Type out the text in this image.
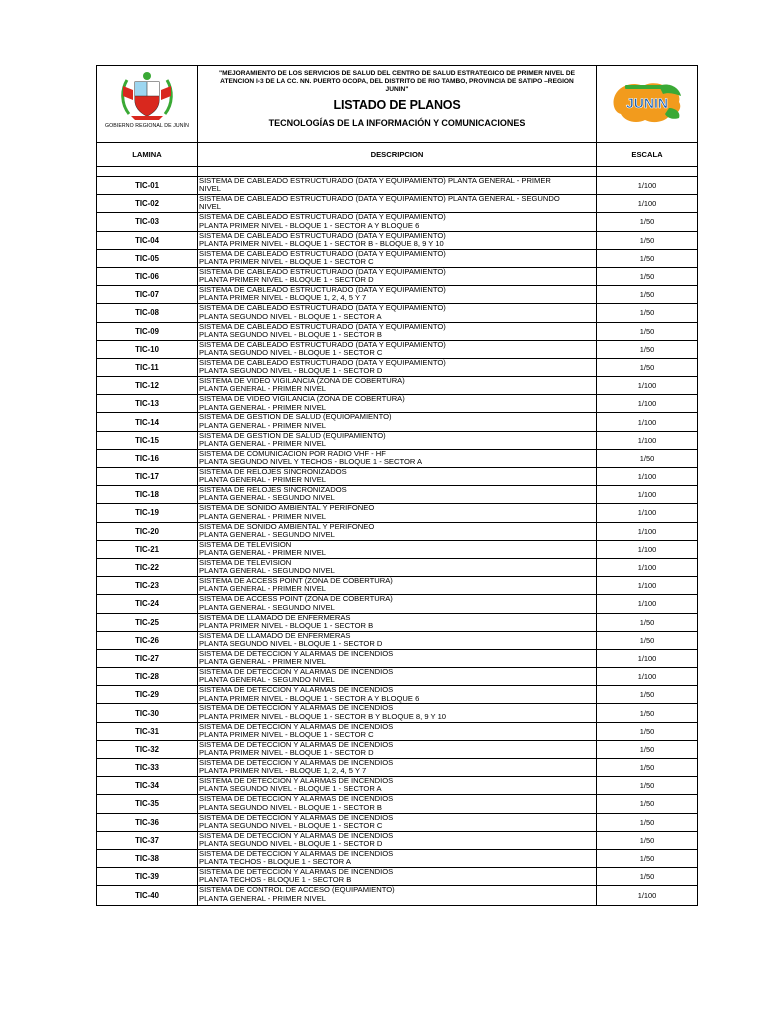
GOBIERNO REGIONAL DE JUNÍN
"MEJORAMIENTO DE LOS SERVICIOS DE SALUD DEL CENTRO DE SALUD ESTRATEGICO DE PRIMER NIVEL DE
ATENCION I-3 DE LA CC. NN. PUERTO OCOPA, DEL DISTRITO DE RIO TAMBO, PROVINCIA DE SATIPO –REGION
JUNIN"
LISTADO DE PLANOS
TECNOLOGÍAS DE LA INFORMACIÓN Y COMUNICACIONES
JUNIN
LAMINA	DESCRIPCION	ESCALA
TIC-01
SISTEMA DE CABLEADO ESTRUCTURADO (DATA Y EQUIPAMIENTO) PLANTA GENERAL - PRIMER
NIVEL	1/100
TIC-02
SISTEMA DE CABLEADO ESTRUCTURADO (DATA Y EQUIPAMIENTO) PLANTA GENERAL - SEGUNDO
NIVEL	1/100
TIC-03
SISTEMA DE CABLEADO ESTRUCTURADO (DATA Y EQUIPAMIENTO)
PLANTA PRIMER NIVEL - BLOQUE 1 - SECTOR A Y BLOQUE 6	1/50
TIC-04
SISTEMA DE CABLEADO ESTRUCTURADO (DATA Y EQUIPAMIENTO)
PLANTA PRIMER NIVEL - BLOQUE 1 - SECTOR B - BLOQUE 8, 9 Y 10	1/50
TIC-05
SISTEMA DE CABLEADO ESTRUCTURADO (DATA Y EQUIPAMIENTO)
PLANTA PRIMER NIVEL - BLOQUE 1 - SECTOR C	1/50
TIC-06
SISTEMA DE CABLEADO ESTRUCTURADO (DATA Y EQUIPAMIENTO)
PLANTA PRIMER NIVEL - BLOQUE 1 - SECTOR D	1/50
TIC-07
SISTEMA DE CABLEADO ESTRUCTURADO (DATA Y EQUIPAMIENTO)
PLANTA PRIMER NIVEL - BLOQUE 1, 2, 4, 5 Y 7	1/50
TIC-08
SISTEMA DE CABLEADO ESTRUCTURADO (DATA Y EQUIPAMIENTO)
PLANTA SEGUNDO NIVEL - BLOQUE 1 - SECTOR A	1/50
TIC-09
SISTEMA DE CABLEADO ESTRUCTURADO (DATA Y EQUIPAMIENTO)
PLANTA SEGUNDO NIVEL - BLOQUE 1 - SECTOR B	1/50
TIC-10
SISTEMA DE CABLEADO ESTRUCTURADO (DATA Y EQUIPAMIENTO)
PLANTA SEGUNDO NIVEL - BLOQUE 1 - SECTOR C	1/50
TIC-11
SISTEMA DE CABLEADO ESTRUCTURADO (DATA Y EQUIPAMIENTO)
PLANTA SEGUNDO NIVEL - BLOQUE 1 - SECTOR D	1/50
TIC-12
SISTEMA DE VIDEO VIGILANCIA (ZONA DE COBERTURA)
PLANTA GENERAL - PRIMER NIVEL	1/100
TIC-13
SISTEMA DE VIDEO VIGILANCIA (ZONA DE COBERTURA)
PLANTA GENERAL - PRIMER NIVEL	1/100
TIC-14
SISTEMA DE GESTION DE SALUD (EQUIOPAMIENTO)
PLANTA GENERAL - PRIMER NIVEL	1/100
TIC-15
SISTEMA DE GESTION DE SALUD (EQUIPAMIENTO)
PLANTA GENERAL - PRIMER NIVEL	1/100
TIC-16
SISTEMA DE COMUNICACION POR RADIO VHF - HF
PLANTA SEGUNDO NIVEL Y TECHOS - BLOQUE 1 - SECTOR A	1/50
TIC-17
SISTEMA DE RELOJES SINCRONIZADOS
PLANTA GENERAL - PRIMER NIVEL	1/100
TIC-18
SISTEMA DE RELOJES SINCRONIZADOS
PLANTA GENERAL - SEGUNDO NIVEL	1/100
TIC-19
SISTEMA DE SONIDO AMBIENTAL Y PERIFONEO
PLANTA GENERAL - PRIMER NIVEL	1/100
TIC-20
SISTEMA DE SONIDO AMBIENTAL Y PERIFONEO
PLANTA GENERAL - SEGUNDO NIVEL	1/100
TIC-21
SISTEMA DE TELEVISION
PLANTA GENERAL - PRIMER NIVEL	1/100
TIC-22
SISTEMA DE TELEVISION
PLANTA GENERAL - SEGUNDO NIVEL	1/100
TIC-23
SISTEMA DE ACCESS POINT (ZONA DE COBERTURA)
PLANTA GENERAL - PRIMER NIVEL	1/100
TIC-24
SISTEMA DE ACCESS POINT (ZONA DE COBERTURA)
PLANTA GENERAL - SEGUNDO NIVEL	1/100
TIC-25
SISTEMA DE LLAMADO DE ENFERMERAS
PLANTA PRIMER NIVEL - BLOQUE 1 - SECTOR B	1/50
TIC-26
SISTEMA DE LLAMADO DE ENFERMERAS
PLANTA SEGUNDO NIVEL - BLOQUE 1 - SECTOR D	1/50
TIC-27
SISTEMA DE DETECCION Y ALARMAS DE INCENDIOS
PLANTA GENERAL - PRIMER NIVEL	1/100
TIC-28
SISTEMA DE DETECCION Y ALARMAS DE INCENDIOS
PLANTA GENERAL - SEGUNDO NIVEL	1/100
TIC-29
SISTEMA DE DETECCION Y ALARMAS DE INCENDIOS
PLANTA PRIMER NIVEL - BLOQUE 1 - SECTOR A Y BLOQUE 6	1/50
TIC-30
SISTEMA DE DETECCION Y ALARMAS DE INCENDIOS
PLANTA PRIMER NIVEL - BLOQUE 1 - SECTOR B Y BLOQUE 8, 9 Y 10	1/50
TIC-31
SISTEMA DE DETECCION Y ALARMAS DE INCENDIOS
PLANTA PRIMER NIVEL - BLOQUE 1 - SECTOR C	1/50
TIC-32
SISTEMA DE DETECCION Y ALARMAS DE INCENDIOS
PLANTA PRIMER NIVEL - BLOQUE 1 - SECTOR D	1/50
TIC-33
SISTEMA DE DETECCION Y ALARMAS DE INCENDIOS
PLANTA PRIMER NIVEL - BLOQUE 1, 2, 4, 5 Y 7	1/50
TIC-34
SISTEMA DE DETECCION Y ALARMAS DE INCENDIOS
PLANTA SEGUNDO NIVEL - BLOQUE 1 - SECTOR A	1/50
TIC-35
SISTEMA DE DETECCION Y ALARMAS DE INCENDIOS
PLANTA SEGUNDO NIVEL - BLOQUE 1 - SECTOR B	1/50
TIC-36
SISTEMA DE DETECCION Y ALARMAS DE INCENDIOS
PLANTA SEGUNDO NIVEL - BLOQUE 1 - SECTOR C	1/50
TIC-37
SISTEMA DE DETECCION Y ALARMAS DE INCENDIOS
PLANTA SEGUNDO NIVEL - BLOQUE 1 - SECTOR D	1/50
TIC-38
SISTEMA DE DETECCION Y ALARMAS DE INCENDIOS
PLANTA TECHOS - BLOQUE 1 - SECTOR A	1/50
TIC-39
SISTEMA DE DETECCION Y ALARMAS DE INCENDIOS
PLANTA TECHOS - BLOQUE 1 - SECTOR B	1/50
TIC-40
SISTEMA DE CONTROL DE ACCESO (EQUIPAMIENTO)
PLANTA GENERAL - PRIMER NIVEL	1/100
